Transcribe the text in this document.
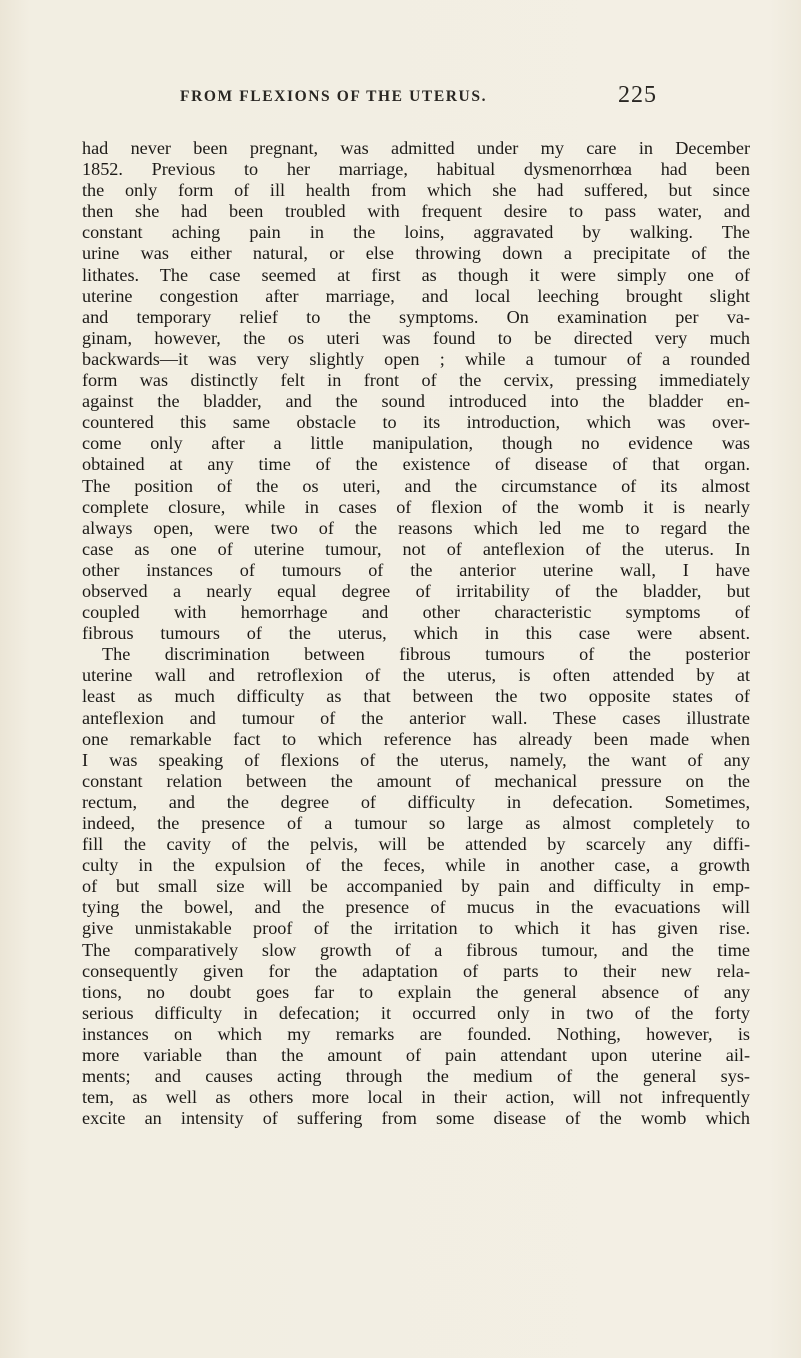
FROM FLEXIONS OF THE UTERUS.	225
had never been pregnant, was admitted under my care in December
1852. Previous to her marriage, habitual dysmenorrhœa had been
the only form of ill health from which she had suffered, but since
then she had been troubled with frequent desire to pass water, and
constant aching pain in the loins, aggravated by walking. The
urine was either natural, or else throwing down a precipitate of the
lithates. The case seemed at first as though it were simply one of
uterine congestion after marriage, and local leeching brought slight
and temporary relief to the symptoms. On examination per va-
ginam, however, the os uteri was found to be directed very much
backwards—it was very slightly open ; while a tumour of a rounded
form was distinctly felt in front of the cervix, pressing immediately
against the bladder, and the sound introduced into the bladder en-
countered this same obstacle to its introduction, which was over-
come only after a little manipulation, though no evidence was
obtained at any time of the existence of disease of that organ.
The position of the os uteri, and the circumstance of its almost
complete closure, while in cases of flexion of the womb it is nearly
always open, were two of the reasons which led me to regard the
case as one of uterine tumour, not of anteflexion of the uterus. In
other instances of tumours of the anterior uterine wall, I have
observed a nearly equal degree of irritability of the bladder, but
coupled with hemorrhage and other characteristic symptoms of
fibrous tumours of the uterus, which in this case were absent.
The discrimination between fibrous tumours of the posterior
uterine wall and retroflexion of the uterus, is often attended by at
least as much difficulty as that between the two opposite states of
anteflexion and tumour of the anterior wall. These cases illustrate
one remarkable fact to which reference has already been made when
I was speaking of flexions of the uterus, namely, the want of any
constant relation between the amount of mechanical pressure on the
rectum, and the degree of difficulty in defecation. Sometimes,
indeed, the presence of a tumour so large as almost completely to
fill the cavity of the pelvis, will be attended by scarcely any diffi-
culty in the expulsion of the feces, while in another case, a growth
of but small size will be accompanied by pain and difficulty in emp-
tying the bowel, and the presence of mucus in the evacuations will
give unmistakable proof of the irritation to which it has given rise.
The comparatively slow growth of a fibrous tumour, and the time
consequently given for the adaptation of parts to their new rela-
tions, no doubt goes far to explain the general absence of any
serious difficulty in defecation; it occurred only in two of the forty
instances on which my remarks are founded. Nothing, however, is
more variable than the amount of pain attendant upon uterine ail-
ments; and causes acting through the medium of the general sys-
tem, as well as others more local in their action, will not infrequently
excite an intensity of suffering from some disease of the womb which
